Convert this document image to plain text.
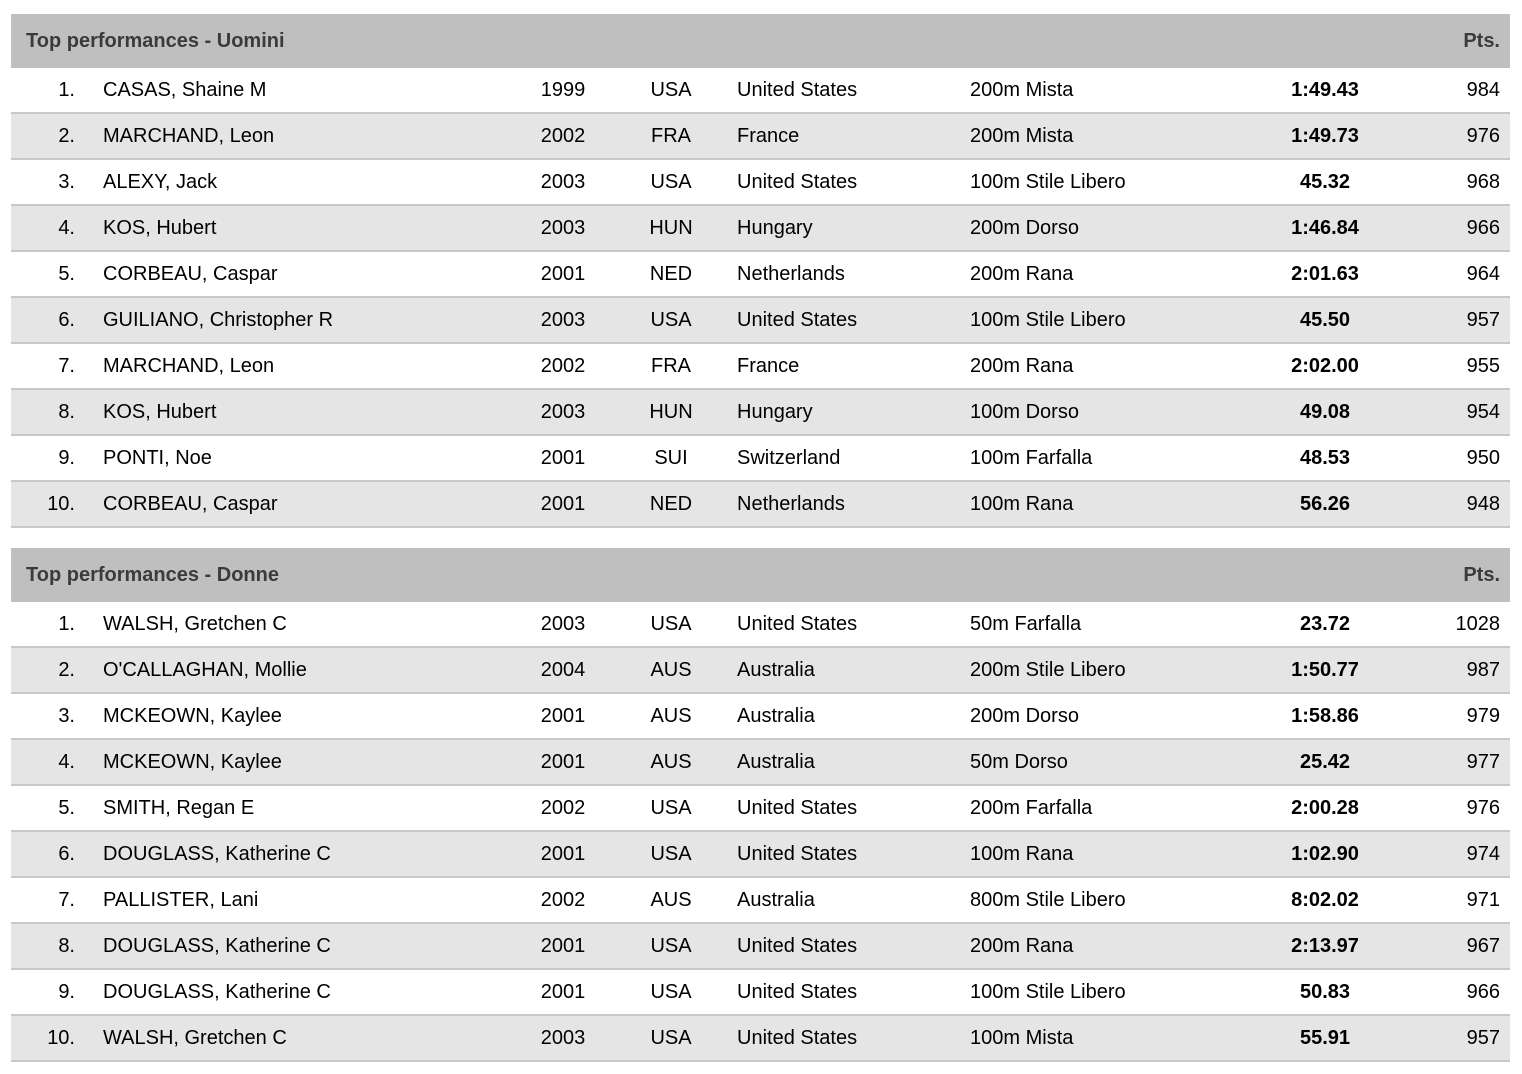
Top performances - Uomini							Pts.
1.	CASAS, Shaine M	1999	USA	United States	200m Mista	1:49.43	984
2.	MARCHAND, Leon	2002	FRA	France	200m Mista	1:49.73	976
3.	ALEXY, Jack	2003	USA	United States	100m Stile Libero	45.32	968
4.	KOS, Hubert	2003	HUN	Hungary	200m Dorso	1:46.84	966
5.	CORBEAU, Caspar	2001	NED	Netherlands	200m Rana	2:01.63	964
6.	GUILIANO, Christopher R	2003	USA	United States	100m Stile Libero	45.50	957
7.	MARCHAND, Leon	2002	FRA	France	200m Rana	2:02.00	955
8.	KOS, Hubert	2003	HUN	Hungary	100m Dorso	49.08	954
9.	PONTI, Noe	2001	SUI	Switzerland	100m Farfalla	48.53	950
10.	CORBEAU, Caspar	2001	NED	Netherlands	100m Rana	56.26	948
Top performances - Donne							Pts.
1.	WALSH, Gretchen C	2003	USA	United States	50m Farfalla	23.72	1028
2.	O'CALLAGHAN, Mollie	2004	AUS	Australia	200m Stile Libero	1:50.77	987
3.	MCKEOWN, Kaylee	2001	AUS	Australia	200m Dorso	1:58.86	979
4.	MCKEOWN, Kaylee	2001	AUS	Australia	50m Dorso	25.42	977
5.	SMITH, Regan E	2002	USA	United States	200m Farfalla	2:00.28	976
6.	DOUGLASS, Katherine C	2001	USA	United States	100m Rana	1:02.90	974
7.	PALLISTER, Lani	2002	AUS	Australia	800m Stile Libero	8:02.02	971
8.	DOUGLASS, Katherine C	2001	USA	United States	200m Rana	2:13.97	967
9.	DOUGLASS, Katherine C	2001	USA	United States	100m Stile Libero	50.83	966
10.	WALSH, Gretchen C	2003	USA	United States	100m Mista	55.91	957
